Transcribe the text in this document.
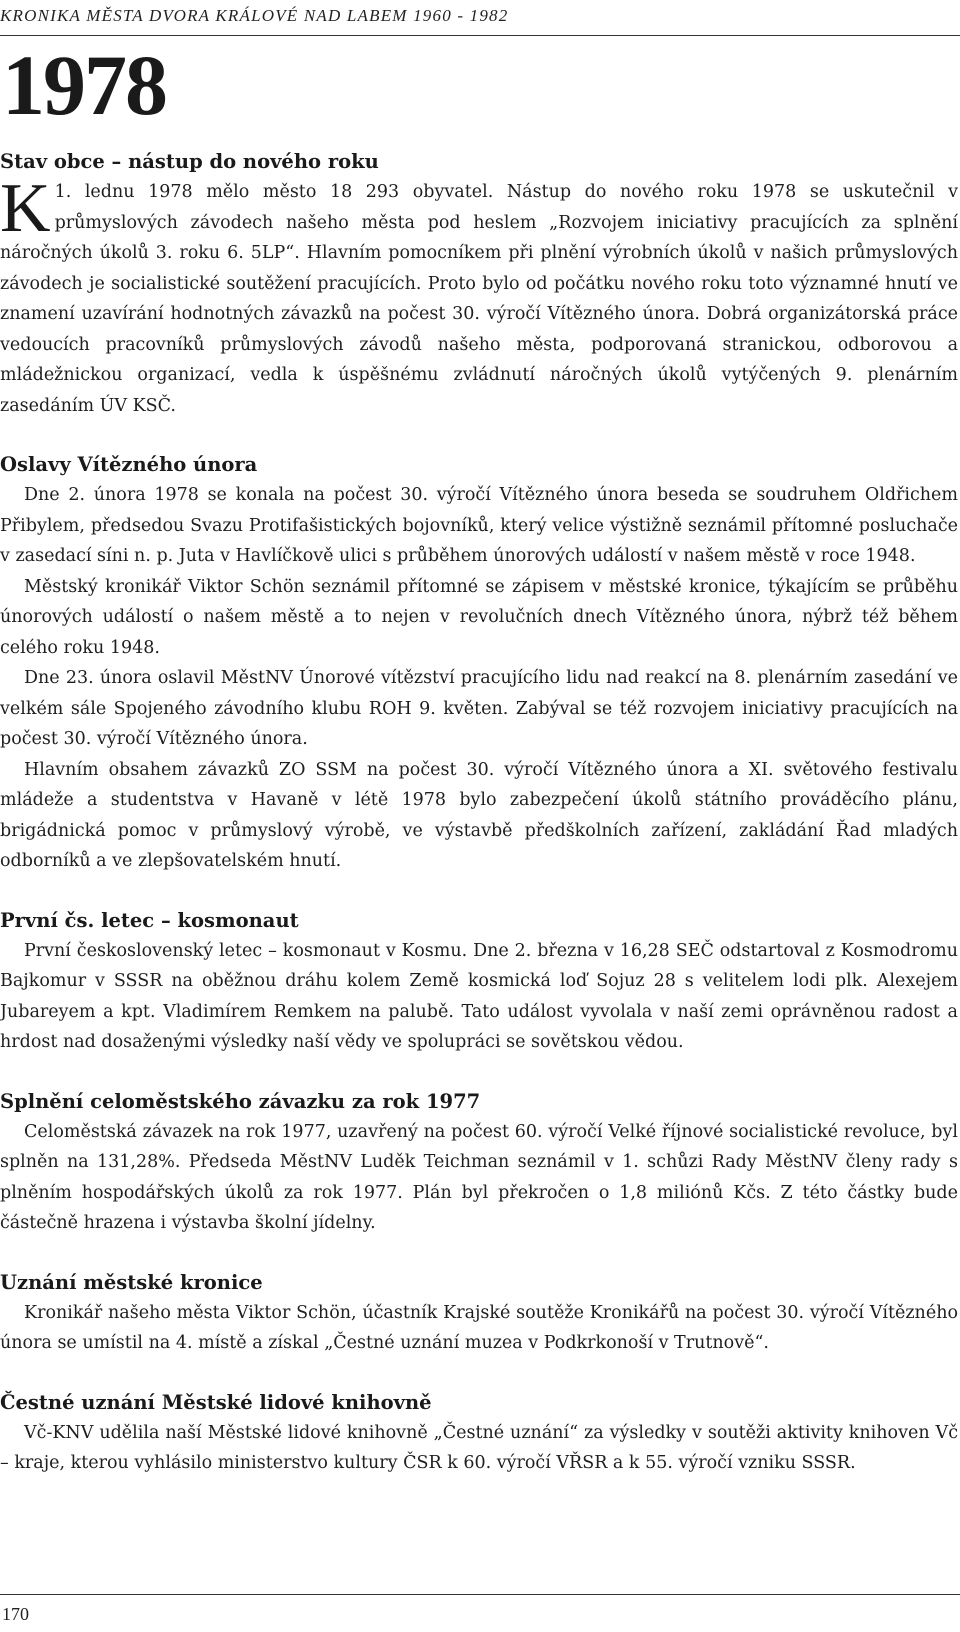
KRONIKA MĚSTA DVORA KRÁLOVÉ NAD LABEM 1960 - 1982
1978
Stav obce – nástup do nového roku

K 1. lednu 1978 mělo město 18 293 obyvatel. Nástup do nového roku 1978 se uskutečnil v průmyslových závodech našeho města pod heslem „Rozvojem iniciativy pracujících za splnění náročných úkolů 3. roku 6. 5LP“. Hlavním pomocníkem při plnění výrobních úkolů v našich průmyslových závodech je socialistické soutěžení pracujících. Proto bylo od počátku nového roku toto významné hnutí ve znamení uzavírání hodnotných závazků na počest 30. výročí Vítězného února. Dobrá organizátorská práce vedoucích pracovníků průmyslových závodů našeho města, podporovaná stranickou, odborovou a mládežnickou organizací, vedla k úspěšnému zvládnutí náročných úkolů vytýčených 9. plenárním zasedáním ÚV KSČ.

Oslavy Vítězného února

Dne 2. února 1978 se konala na počest 30. výročí Vítězného února beseda se soudruhem Oldřichem Přibylem, předsedou Svazu Protifašistických bojovníků, který velice výstižně seznámil přítomné posluchače v zasedací síni n. p. Juta v Havlíčkově ulici s průběhem únorových událostí v našem městě v roce 1948.

Městský kronikář Viktor Schön seznámil přítomné se zápisem v městské kronice, týkajícím se průběhu únorových událostí o našem městě a to nejen v revolučních dnech Vítězného února, nýbrž též během celého roku 1948.

Dne 23. února oslavil MěstNV Únorové vítězství pracujícího lidu nad reakcí na 8. plenárním zasedání ve velkém sále Spojeného závodního klubu ROH 9. květen. Zabýval se též rozvojem iniciativy pracujících na počest 30. výročí Vítězného února.

Hlavním obsahem závazků ZO SSM na počest 30. výročí Vítězného února a XI. světového festivalu mládeže a studentstva v Havaně v létě 1978 bylo zabezpečení úkolů státního prováděcího plánu, brigádnická pomoc v průmyslový výrobě, ve výstavbě předškolních zařízení, zakládání Řad mladých odborníků a ve zlepšovatelském hnutí.

První čs. letec – kosmonaut

První československý letec – kosmonaut v Kosmu. Dne 2. března v 16,28 SEČ odstartoval z Kosmodromu Bajkomur v SSSR na oběžnou dráhu kolem Země kosmická loď Sojuz 28 s velitelem lodi plk. Alexejem Jubareyem a kpt. Vladimírem Remkem na palubě. Tato událost vyvolala v naší zemi oprávněnou radost a hrdost nad dosaženými výsledky naší vědy ve spolupráci se sovětskou vědou.

Splnění celoměstského závazku za rok 1977

Celoměstská závazek na rok 1977, uzavřený na počest 60. výročí Velké říjnové socialistické revoluce, byl splněn na 131,28%. Předseda MěstNV Luděk Teichman seznámil v 1. schůzi Rady MěstNV členy rady s plněním hospodářských úkolů za rok 1977. Plán byl překročen o 1,8 miliónů Kčs. Z této částky bude částečně hrazena i výstavba školní jídelny.

Uznání městské kronice

Kronikář našeho města Viktor Schön, účastník Krajské soutěže Kronikářů na počest 30. výročí Vítězného února se umístil na 4. místě a získal „Čestné uznání muzea v Podkrkonoší v Trutnově“.

Čestné uznání Městské lidové knihovně

Vč-KNV udělila naší Městské lidové knihovně „Čestné uznání“ za výsledky v soutěži aktivity knihoven Vč – kraje, kterou vyhlásilo ministerstvo kultury ČSR k 60. výročí VŘSR a k 55. výročí vzniku SSSR.

170
